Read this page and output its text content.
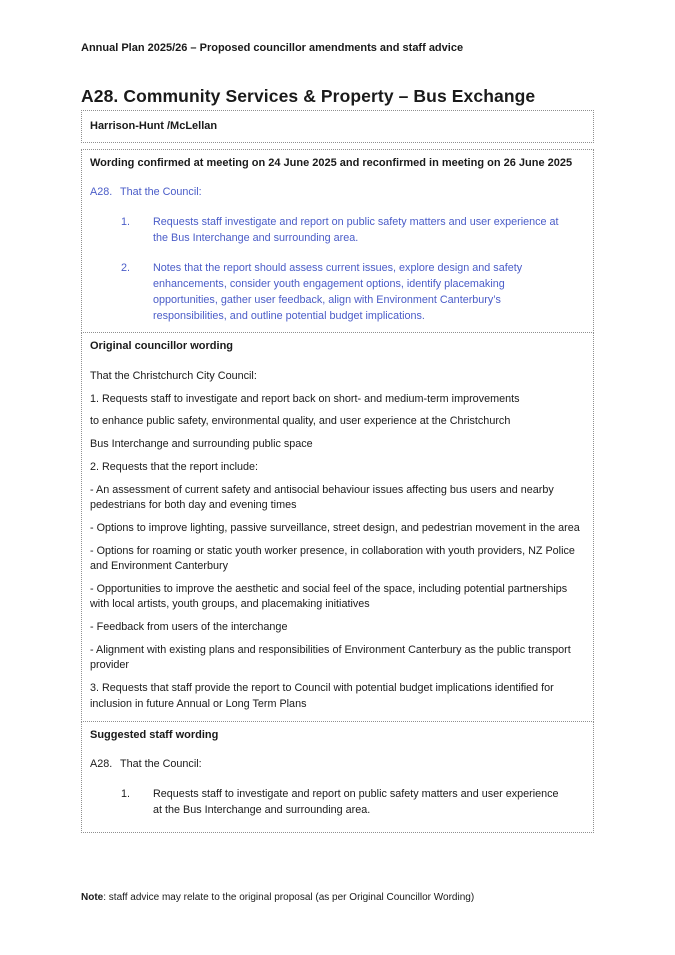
Annual Plan 2025/26 – Proposed councillor amendments and staff advice
A28. Community Services & Property – Bus Exchange
Harrison-Hunt /McLellan
Wording confirmed at meeting on 24 June 2025 and reconfirmed in meeting on 26 June 2025
A28. That the Council:
1.	Requests staff investigate and report on public safety matters and user experience at the Bus Interchange and surrounding area.
2.	Notes that the report should assess current issues, explore design and safety enhancements, consider youth engagement options, identify placemaking opportunities, gather user feedback, align with Environment Canterbury’s responsibilities, and outline potential budget implications.
Original councillor wording

That the Christchurch City Council:

1. Requests staff to investigate and report back on short- and medium-term improvements

to enhance public safety, environmental quality, and user experience at the Christchurch

Bus Interchange and surrounding public space

2. Requests that the report include:

- An assessment of current safety and antisocial behaviour issues affecting bus users and nearby pedestrians for both day and evening times

- Options to improve lighting, passive surveillance, street design, and pedestrian movement in the area

- Options for roaming or static youth worker presence, in collaboration with youth providers, NZ Police and Environment Canterbury

- Opportunities to improve the aesthetic and social feel of the space, including potential partnerships with local artists, youth groups, and placemaking initiatives

- Feedback from users of the interchange

- Alignment with existing plans and responsibilities of Environment Canterbury as the public transport provider

3. Requests that staff provide the report to Council with potential budget implications identified for inclusion in future Annual or Long Term Plans

Suggested staff wording
A28. That the Council:
1.	Requests staff to investigate and report on public safety matters and user experience at the Bus Interchange and surrounding area.
Note: staff advice may relate to the original proposal (as per Original Councillor Wording)
